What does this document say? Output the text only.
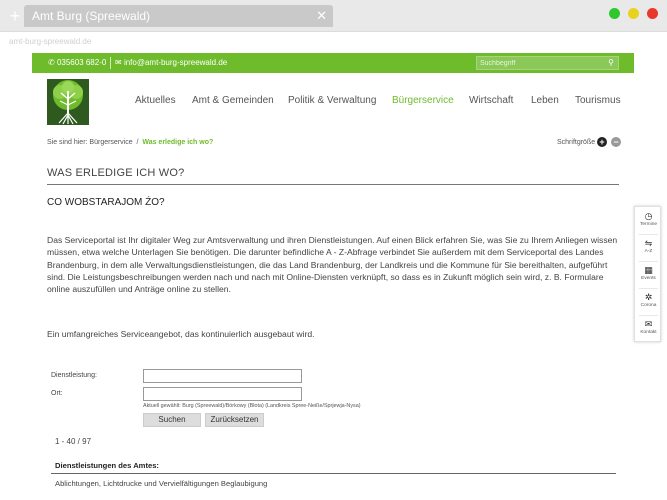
+ Amt Burg (Spreewald)	✕
amt-burg-spreewald.de
✆ 035603 682-0 ✉ info@amt-burg-spreewald.de
Suchbegriff	⚲
Aktuelles Amt & Gemeinden Politik & Verwaltung Bürgerservice Wirtschaft Leben Tourismus
Sie sind hier: Bürgerservice / Was erledige ich wo?	Schriftgröße + −
WAS ERLEDIGE ICH WO?
CO WOBSTARAJOM ŹO?

Das Serviceportal ist Ihr digitaler Weg zur Amtsverwaltung und ihren Dienstleistungen. Auf einen Blick erfahren Sie, was Sie zu Ihrem Anliegen wissen müssen, etwa welche Unterlagen Sie benötigen. Die darunter befindliche A - Z-Abfrage verbindet Sie außerdem mit dem Serviceportal des Landes Brandenburg, in dem alle Verwaltungsdienstleistungen, die das Land Brandenburg, der Landkreis und die Kommune für Sie bereithalten, aufgeführt sind. Die Leistungsbeschreibungen werden nach und nach mit Online-Diensten verknüpft, so dass es in Zukunft möglich sein wird, z. B. Formulare online auszufüllen und Anträge online zu stellen.

Ein umfangreiches Serviceangebot, das kontinuierlich ausgebaut wird.

Dienstleistung:
Ort:
Aktuell gewählt: Burg (Spreewald)/Bórkowy (Błota) (Landkreis Spree-Neiße/Sprjewja-Nysa)
Suchen	Zurücksetzen
1 - 40 / 97
Dienstleistungen des Amtes:
Ablichtungen, Lichtdrucke und Vervielfältigungen Beglaubigung
◷
Termine
⇋
A-Z
▦
Events
✲
Corona
✉
Kontakt
